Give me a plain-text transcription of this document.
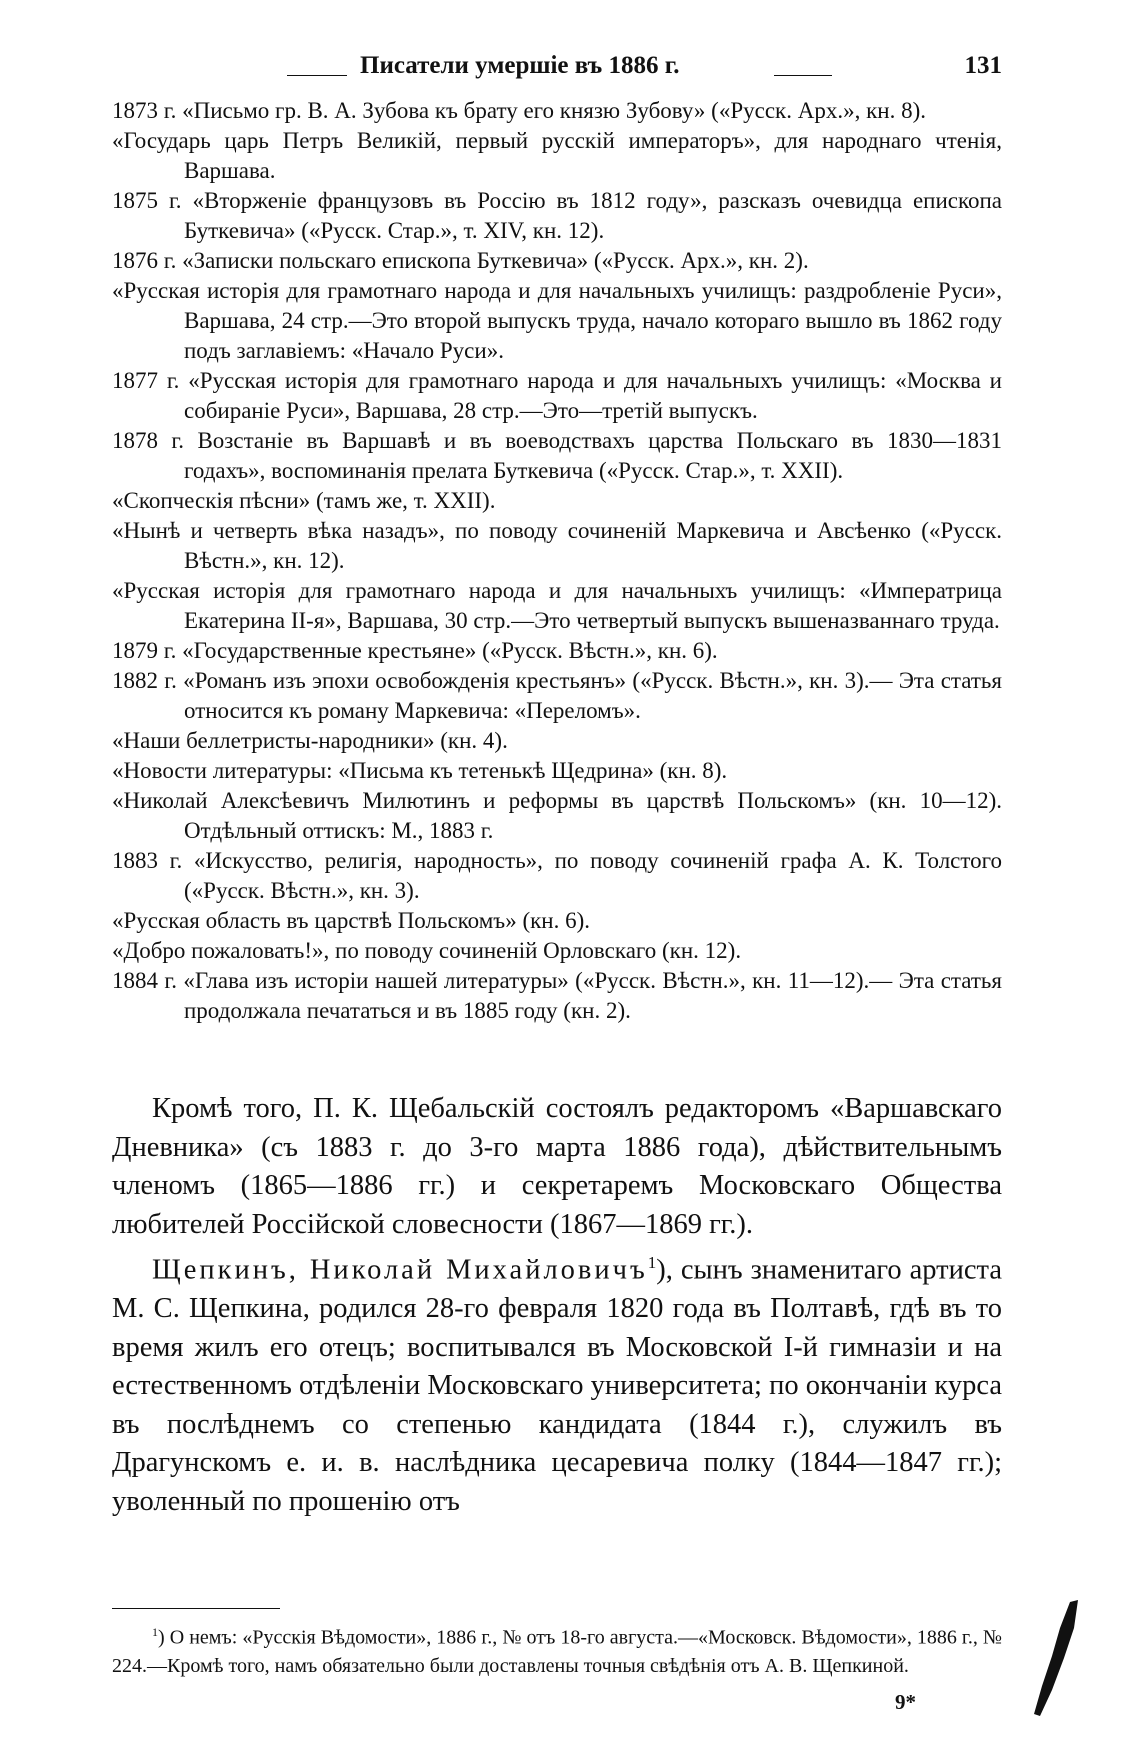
Писатели умершіе въ 1886 г.	131

1873 г. «Письмо гр. В. А. Зубова къ брату его князю Зубову» («Русск. Арх.», кн. 8).

«Государь царь Петръ Великій, первый русскій императоръ», для народнаго чтенія, Варшава.

1875 г. «Вторженіе французовъ въ Россію въ 1812 году», разсказъ очевидца епископа Буткевича» («Русск. Стар.», т. XIV, кн. 12).

1876 г. «Записки польскаго епископа Буткевича» («Русск. Арх.», кн. 2).

«Русская исторія для грамотнаго народа и для начальныхъ училищъ: раздробленіе Руси», Варшава, 24 стр.—Это второй выпускъ труда, начало котораго вышло въ 1862 году подъ заглавіемъ: «Начало Руси».

1877 г. «Русская исторія для грамотнаго народа и для начальныхъ училищъ: «Москва и собираніе Руси», Варшава, 28 стр.—Это—третій выпускъ.

1878 г. Возстаніе въ Варшавѣ и въ воеводствахъ царства Польскаго въ 1830—1831 годахъ», воспоминанія прелата Буткевича («Русск. Стар.», т. XXII).

«Скопческія пѣсни» (тамъ же, т. XXII).

«Нынѣ и четверть вѣка назадъ», по поводу сочиненій Маркевича и Авсѣенко («Русск. Вѣстн.», кн. 12).

«Русская исторія для грамотнаго народа и для начальныхъ училищъ: «Императрица Екатерина II-я», Варшава, 30 стр.—Это четвертый выпускъ вышеназваннаго труда.

1879 г. «Государственные крестьяне» («Русск. Вѣстн.», кн. 6).

1882 г. «Романъ изъ эпохи освобожденія крестьянъ» («Русск. Вѣстн.», кн. 3).— Эта статья относится къ роману Маркевича: «Переломъ».

«Наши беллетристы-народники» (кн. 4).

«Новости литературы: «Письма къ тетенькѣ Щедрина» (кн. 8).

«Николай Алексѣевичъ Милютинъ и реформы въ царствѣ Польскомъ» (кн. 10—12). Отдѣльный оттискъ: М., 1883 г.

1883 г. «Искусство, религія, народность», по поводу сочиненій графа А. К. Толстого («Русск. Вѣстн.», кн. 3).

«Русская область въ царствѣ Польскомъ» (кн. 6).

«Добро пожаловать!», по поводу сочиненій Орловскаго (кн. 12).

1884 г. «Глава изъ исторіи нашей литературы» («Русск. Вѣстн.», кн. 11—12).— Эта статья продолжала печататься и въ 1885 году (кн. 2).

Кромѣ того, П. К. Щебальскій состоялъ редакторомъ «Варшавскаго Дневника» (съ 1883 г. до 3-го марта 1886 года), дѣйствительнымъ членомъ (1865—1886 гг.) и секретаремъ Московскаго Общества любителей Россійской словесности (1867—1869 гг.).

Щепкинъ, Николай Михайловичъ$^1$), сынъ знаменитаго артиста М. С. Щепкина, родился 28-го февраля 1820 года въ Полтавѣ, гдѣ въ то время жилъ его отецъ; воспитывался въ Московской I-й гимназіи и на естественномъ отдѣленіи Московскаго университета; по окончаніи курса въ послѣднемъ со степенью кандидата (1844 г.), служилъ въ Драгунскомъ е. и. в. наслѣдника цесаревича полку (1844—1847 гг.); уволенный по прошенію отъ

$^1$) О немъ: «Русскія Вѣдомости», 1886 г., № отъ 18-го августа.—«Московск. Вѣдомости», 1886 г., № 224.—Кромѣ того, намъ обязательно были доставлены точныя свѣдѣнія отъ А. В. Щепкиной.

9*
